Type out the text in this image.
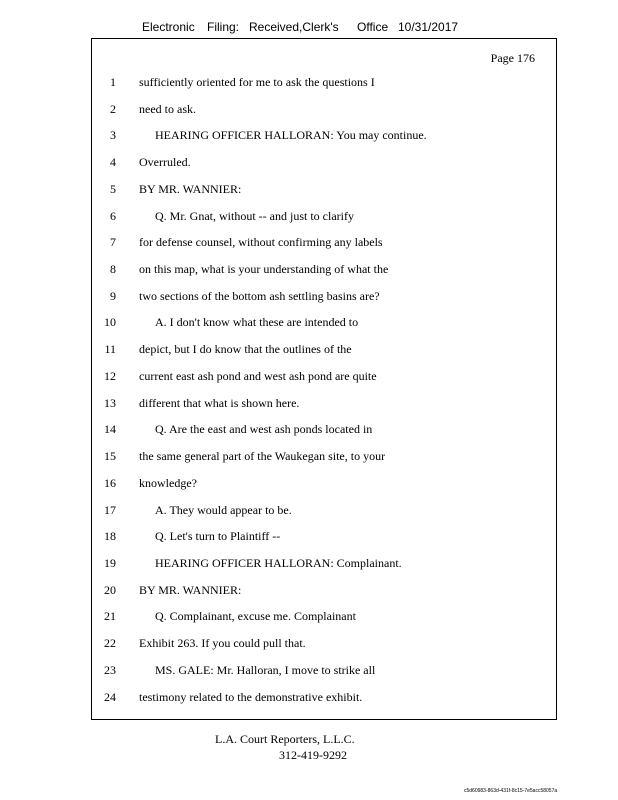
Electronic Filing: Received,Clerk's Office 10/31/2017
Page 176
1 sufficiently oriented for me to ask the questions I
2 need to ask.
3	HEARING OFFICER HALLORAN: You may continue.
4 Overruled.
5 BY MR. WANNIER:
6	Q. Mr. Gnat, without -- and just to clarify
7 for defense counsel, without confirming any labels
8 on this map, what is your understanding of what the
9 two sections of the bottom ash settling basins are?
10	A. I don't know what these are intended to
11 depict, but I do know that the outlines of the
12 current east ash pond and west ash pond are quite
13 different that what is shown here.
14	Q. Are the east and west ash ponds located in
15 the same general part of the Waukegan site, to your
16 knowledge?
17	A. They would appear to be.
18	Q. Let's turn to Plaintiff --
19	HEARING OFFICER HALLORAN: Complainant.
20 BY MR. WANNIER:
21	Q. Complainant, excuse me. Complainant
22 Exhibit 263. If you could pull that.
23	MS. GALE: Mr. Halloran, I move to strike all
24 testimony related to the demonstrative exhibit.
L.A. Court Reporters, L.L.C.
312-419-9292
c5d60983-863d-431f-8c15-7e5acc58057a
